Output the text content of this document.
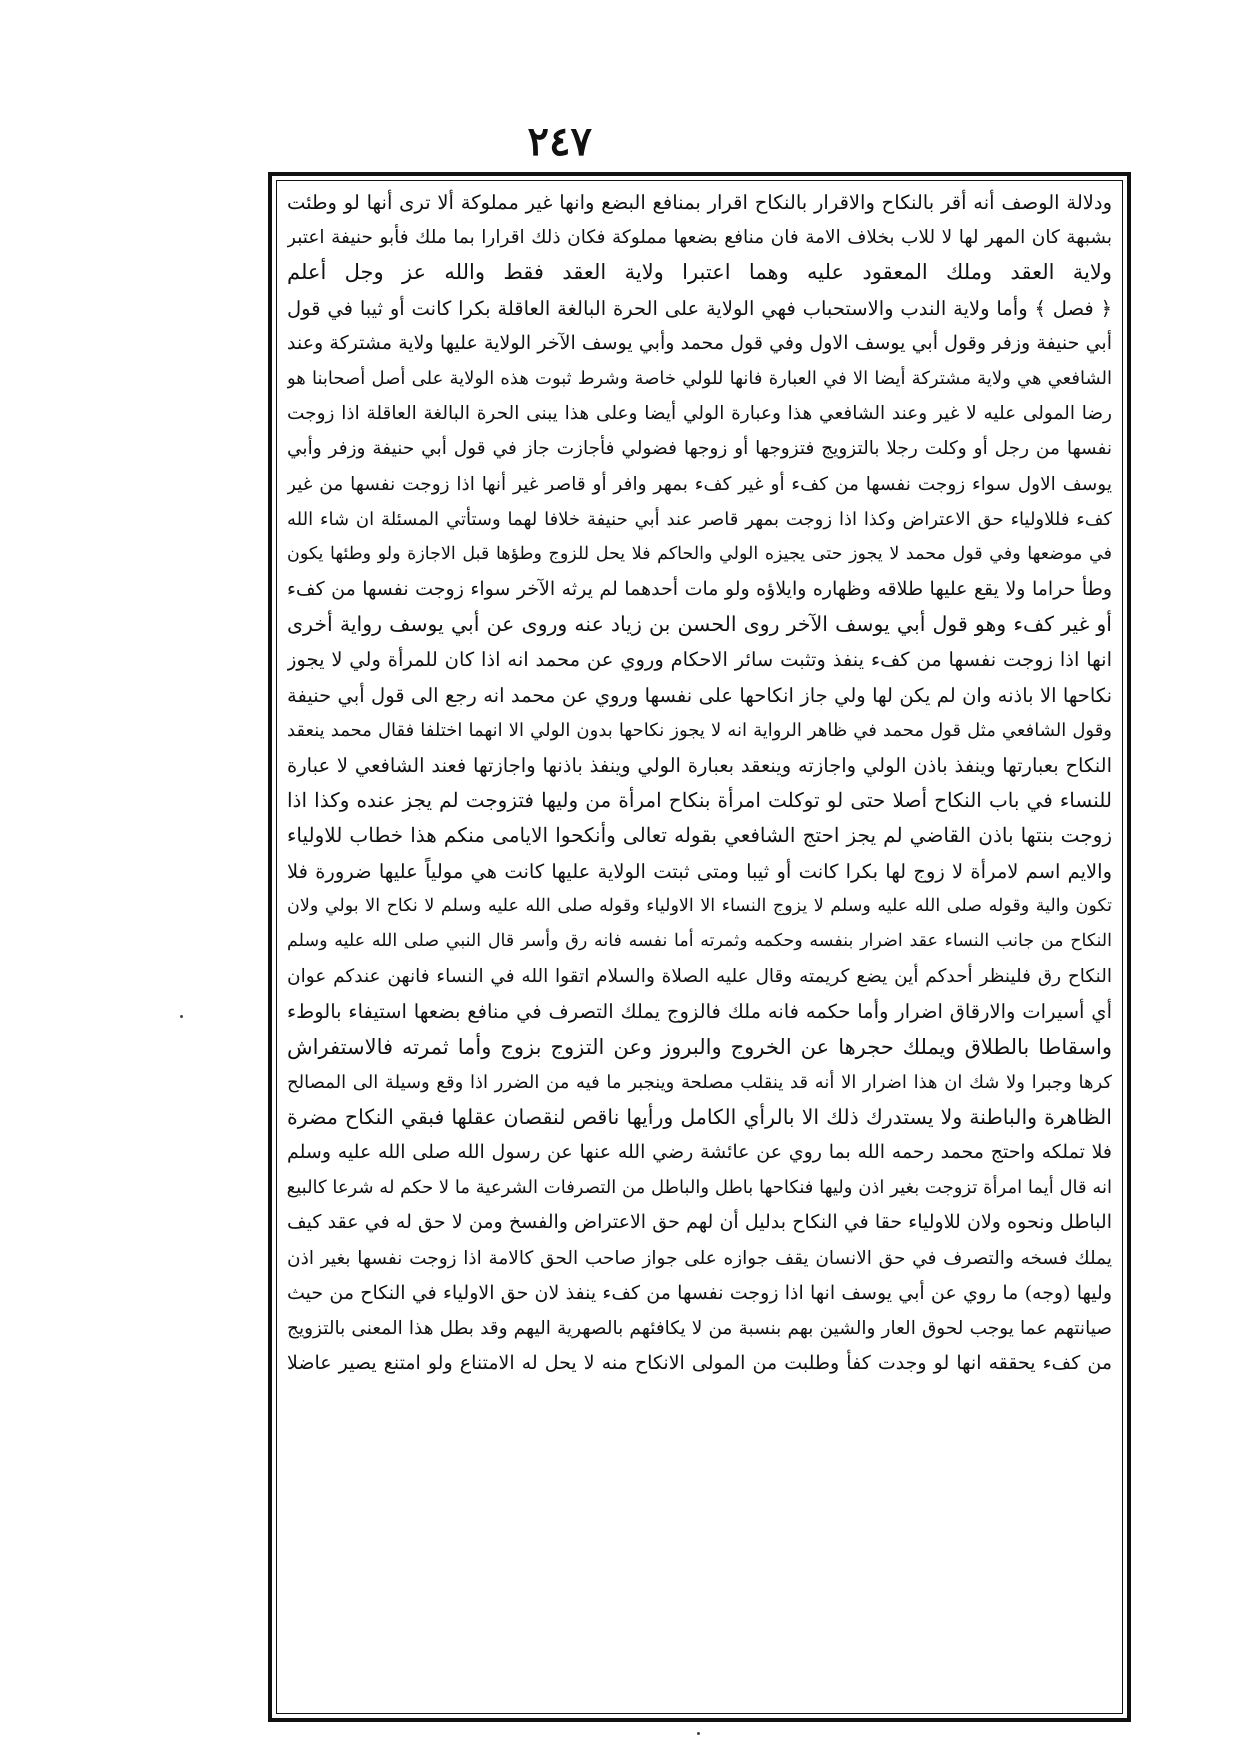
٢٤٧
ودلالة الوصف أنه أقر بالنكاح والاقرار بالنكاح اقرار بمنافع البضع وانها غير مملوكة ألا ترى أنها لو وطئت
بشبهة كان المهر لها لا للاب بخلاف الامة فان منافع بضعها مملوكة فكان ذلك اقرارا بما ملك فأبو حنيفة اعتبر
ولاية العقد وملك المعقود عليه وهما اعتبرا ولاية العقد فقط والله عز وجل أعلم
﴿ فصل ﴾ وأما ولاية الندب والاستحباب فهي الولاية على الحرة البالغة العاقلة بكرا كانت أو ثيبا في قول
أبي حنيفة وزفر وقول أبي يوسف الاول وفي قول محمد وأبي يوسف الآخر الولاية عليها ولاية مشتركة وعند
الشافعي هي ولاية مشتركة أيضا الا في العبارة فانها للولي خاصة وشرط ثبوت هذه الولاية على أصل أصحابنا هو
رضا المولى عليه لا غير وعند الشافعي هذا وعبارة الولي أيضا وعلى هذا يبنى الحرة البالغة العاقلة اذا زوجت
نفسها من رجل أو وكلت رجلا بالتزويج فتزوجها أو زوجها فضولي فأجازت جاز في قول أبي حنيفة وزفر وأبي
يوسف الاول سواء زوجت نفسها من كفء أو غير كفء بمهر وافر أو قاصر غير أنها اذا زوجت نفسها من غير
كفء فللاولياء حق الاعتراض وكذا اذا زوجت بمهر قاصر عند أبي حنيفة خلافا لهما وستأتي المسئلة ان شاء الله
في موضعها وفي قول محمد لا يجوز حتى يجيزه الولي والحاكم فلا يحل للزوج وطؤها قبل الاجازة ولو وطئها يكون
وطأ حراما ولا يقع عليها طلاقه وظهاره وايلاؤه ولو مات أحدهما لم يرثه الآخر سواء زوجت نفسها من كفء
أو غير كفء وهو قول أبي يوسف الآخر روى الحسن بن زياد عنه وروى عن أبي يوسف رواية أخرى
انها اذا زوجت نفسها من كفء ينفذ وتثبت سائر الاحكام وروي عن محمد انه اذا كان للمرأة ولي لا يجوز
نكاحها الا باذنه وان لم يكن لها ولي جاز انكاحها على نفسها وروي عن محمد انه رجع الى قول أبي حنيفة
وقول الشافعي مثل قول محمد في ظاهر الرواية انه لا يجوز نكاحها بدون الولي الا انهما اختلفا فقال محمد ينعقد
النكاح بعبارتها وينفذ باذن الولي واجازته وينعقد بعبارة الولي وينفذ باذنها واجازتها فعند الشافعي لا عبارة
للنساء في باب النكاح أصلا حتى لو توكلت امرأة بنكاح امرأة من وليها فتزوجت لم يجز عنده وكذا اذا
زوجت بنتها باذن القاضي لم يجز احتج الشافعي بقوله تعالى وأنكحوا الايامى منكم هذا خطاب للاولياء
والايم اسم لامرأة لا زوج لها بكرا كانت أو ثيبا ومتى ثبتت الولاية عليها كانت هي مولياً عليها ضرورة فلا
تكون والية وقوله صلى الله عليه وسلم لا يزوج النساء الا الاولياء وقوله صلى الله عليه وسلم لا نكاح الا بولي ولان
النكاح من جانب النساء عقد اضرار بنفسه وحكمه وثمرته أما نفسه فانه رق وأسر قال النبي صلى الله عليه وسلم
النكاح رق فلينظر أحدكم أين يضع كريمته وقال عليه الصلاة والسلام اتقوا الله في النساء فانهن عندكم عوان
أي أسيرات والارقاق اضرار وأما حكمه فانه ملك فالزوج يملك التصرف في منافع بضعها استيفاء بالوطء
واسقاطا بالطلاق ويملك حجرها عن الخروج والبروز وعن التزوج بزوج وأما ثمرته فالاستفراش
كرها وجبرا ولا شك ان هذا اضرار الا أنه قد ينقلب مصلحة وينجبر ما فيه من الضرر اذا وقع وسيلة الى المصالح
الظاهرة والباطنة ولا يستدرك ذلك الا بالرأي الكامل ورأيها ناقص لنقصان عقلها فبقي النكاح مضرة
فلا تملكه واحتج محمد رحمه الله بما روي عن عائشة رضي الله عنها عن رسول الله صلى الله عليه وسلم
انه قال أيما امرأة تزوجت بغير اذن وليها فنكاحها باطل والباطل من التصرفات الشرعية ما لا حكم له شرعا كالبيع
الباطل ونحوه ولان للاولياء حقا في النكاح بدليل أن لهم حق الاعتراض والفسخ ومن لا حق له في عقد كيف
يملك فسخه والتصرف في حق الانسان يقف جوازه على جواز صاحب الحق كالامة اذا زوجت نفسها بغير اذن
وليها (وجه) ما روي عن أبي يوسف انها اذا زوجت نفسها من كفء ينفذ لان حق الاولياء في النكاح من حيث
صيانتهم عما يوجب لحوق العار والشين بهم بنسبة من لا يكافئهم بالصهرية اليهم وقد بطل هذا المعنى بالتزويج
من كفء يحققه انها لو وجدت كفأ وطلبت من المولى الانكاح منه لا يحل له الامتناع ولو امتنع يصير عاضلا
